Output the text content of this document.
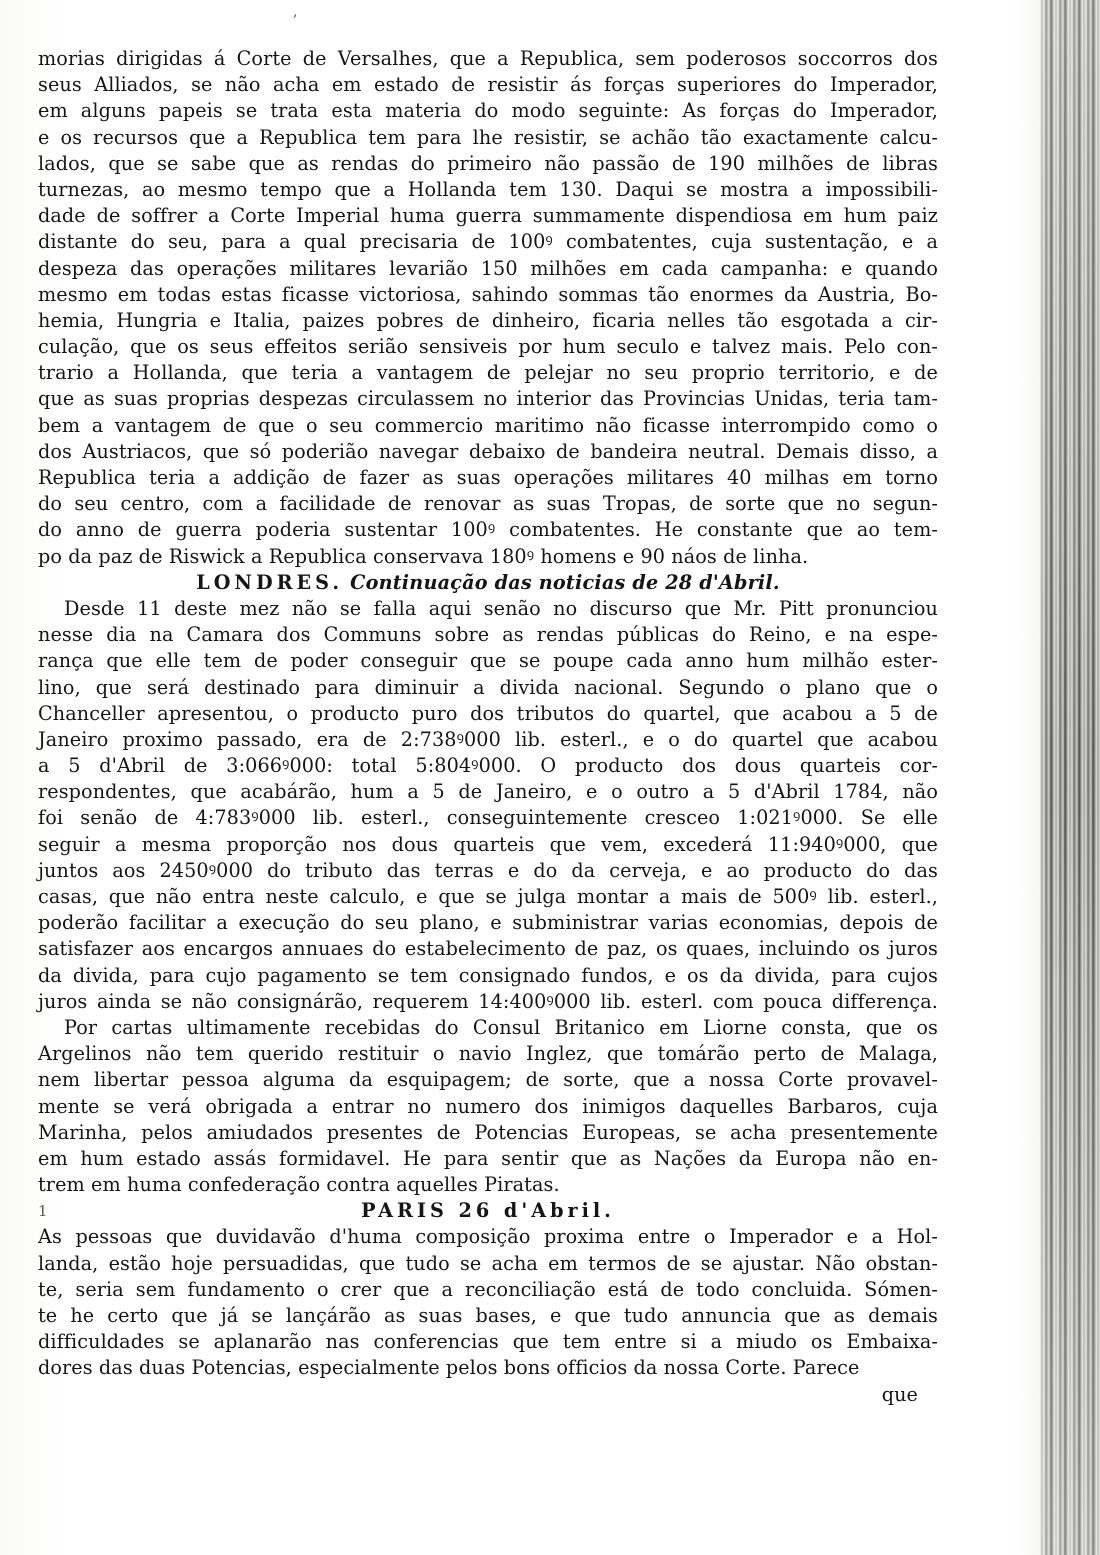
,
morias dirigidas á Corte de Versalhes, que a Republica, sem poderosos soccorros dos
seus Alliados, se não acha em estado de resistir ás forças superiores do Imperador,
em alguns papeis se trata esta materia do modo seguinte: As forças do Imperador,
e os recursos que a Republica tem para lhe resistir, se achão tão exactamente calcu-
lados, que se sabe que as rendas do primeiro não passão de 190 milhões de libras
turnezas, ao mesmo tempo que a Hollanda tem 130. Daqui se mostra a impossibili-
dade de soffrer a Corte Imperial huma guerra summamente dispendiosa em hum paiz
distante do seu, para a qual precisaria de 100ꝰ combatentes, cuja sustentação, e a
despeza das operações militares levarião 150 milhões em cada campanha: e quando
mesmo em todas estas ficasse victoriosa, sahindo sommas tão enormes da Austria, Bo-
hemia, Hungria e Italia, paizes pobres de dinheiro, ficaria nelles tão esgotada a cir-
culação, que os seus effeitos serião sensiveis por hum seculo e talvez mais. Pelo con-
trario a Hollanda, que teria a vantagem de pelejar no seu proprio territorio, e de
que as suas proprias despezas circulassem no interior das Provincias Unidas, teria tam-
bem a vantagem de que o seu commercio maritimo não ficasse interrompido como o
dos Austriacos, que só poderião navegar debaixo de bandeira neutral. Demais disso, a
Republica teria a addição de fazer as suas operações militares 40 milhas em torno
do seu centro, com a facilidade de renovar as suas Tropas, de sorte que no segun-
do anno de guerra poderia sustentar 100ꝰ combatentes. He constante que ao tem-
po da paz de Riswick a Republica conservava 180ꝰ homens e 90 náos de linha.
LONDRES. Continuação das noticias de 28 d'Abril.
Desde 11 deste mez não se falla aqui senão no discurso que Mr. Pitt pronunciou
nesse dia na Camara dos Communs sobre as rendas públicas do Reino, e na espe-
rança que elle tem de poder conseguir que se poupe cada anno hum milhão ester-
lino, que será destinado para diminuir a divida nacional. Segundo o plano que o
Chanceller apresentou, o producto puro dos tributos do quartel, que acabou a 5 de
Janeiro proximo passado, era de 2:738ꝰ000 lib. esterl., e o do quartel que acabou
a 5 d'Abril de 3:066ꝰ000: total 5:804ꝰ000. O producto dos dous quarteis cor-
respondentes, que acabárão, hum a 5 de Janeiro, e o outro a 5 d'Abril 1784, não
foi senão de 4:783ꝰ000 lib. esterl., conseguintemente cresceo 1:021ꝰ000. Se elle
seguir a mesma proporção nos dous quarteis que vem, excederá 11:940ꝰ000, que
juntos aos 2450ꝰ000 do tributo das terras e do da cerveja, e ao producto do das
casas, que não entra neste calculo, e que se julga montar a mais de 500ꝰ lib. esterl.,
poderão facilitar a execução do seu plano, e subministrar varias economias, depois de
satisfazer aos encargos annuaes do estabelecimento de paz, os quaes, incluindo os juros
da divida, para cujo pagamento se tem consignado fundos, e os da divida, para cujos
juros ainda se não consignárão, requerem 14:400ꝰ000 lib. esterl. com pouca differença.
Por cartas ultimamente recebidas do Consul Britanico em Liorne consta, que os
Argelinos não tem querido restituir o navio Inglez, que tomárão perto de Malaga,
nem libertar pessoa alguma da esquipagem; de sorte, que a nossa Corte provavel-
mente se verá obrigada a entrar no numero dos inimigos daquelles Barbaros, cuja
Marinha, pelos amiudados presentes de Potencias Europeas, se acha presentemente
em hum estado assás formidavel. He para sentir que as Nações da Europa não en-
trem em huma confederação contra aquelles Piratas.
1	PARIS 26 d'Abril.
As pessoas que duvidavão d'huma composição proxima entre o Imperador e a Hol-
landa, estão hoje persuadidas, que tudo se acha em termos de se ajustar. Não obstan-
te, seria sem fundamento o crer que a reconciliação está de todo concluida. Sómen-
te he certo que já se lançárão as suas bases, e que tudo annuncia que as demais
difficuldades se aplanarão nas conferencias que tem entre si a miudo os Embaixa-
dores das duas Potencias, especialmente pelos bons officios da nossa Corte. Parece
que
